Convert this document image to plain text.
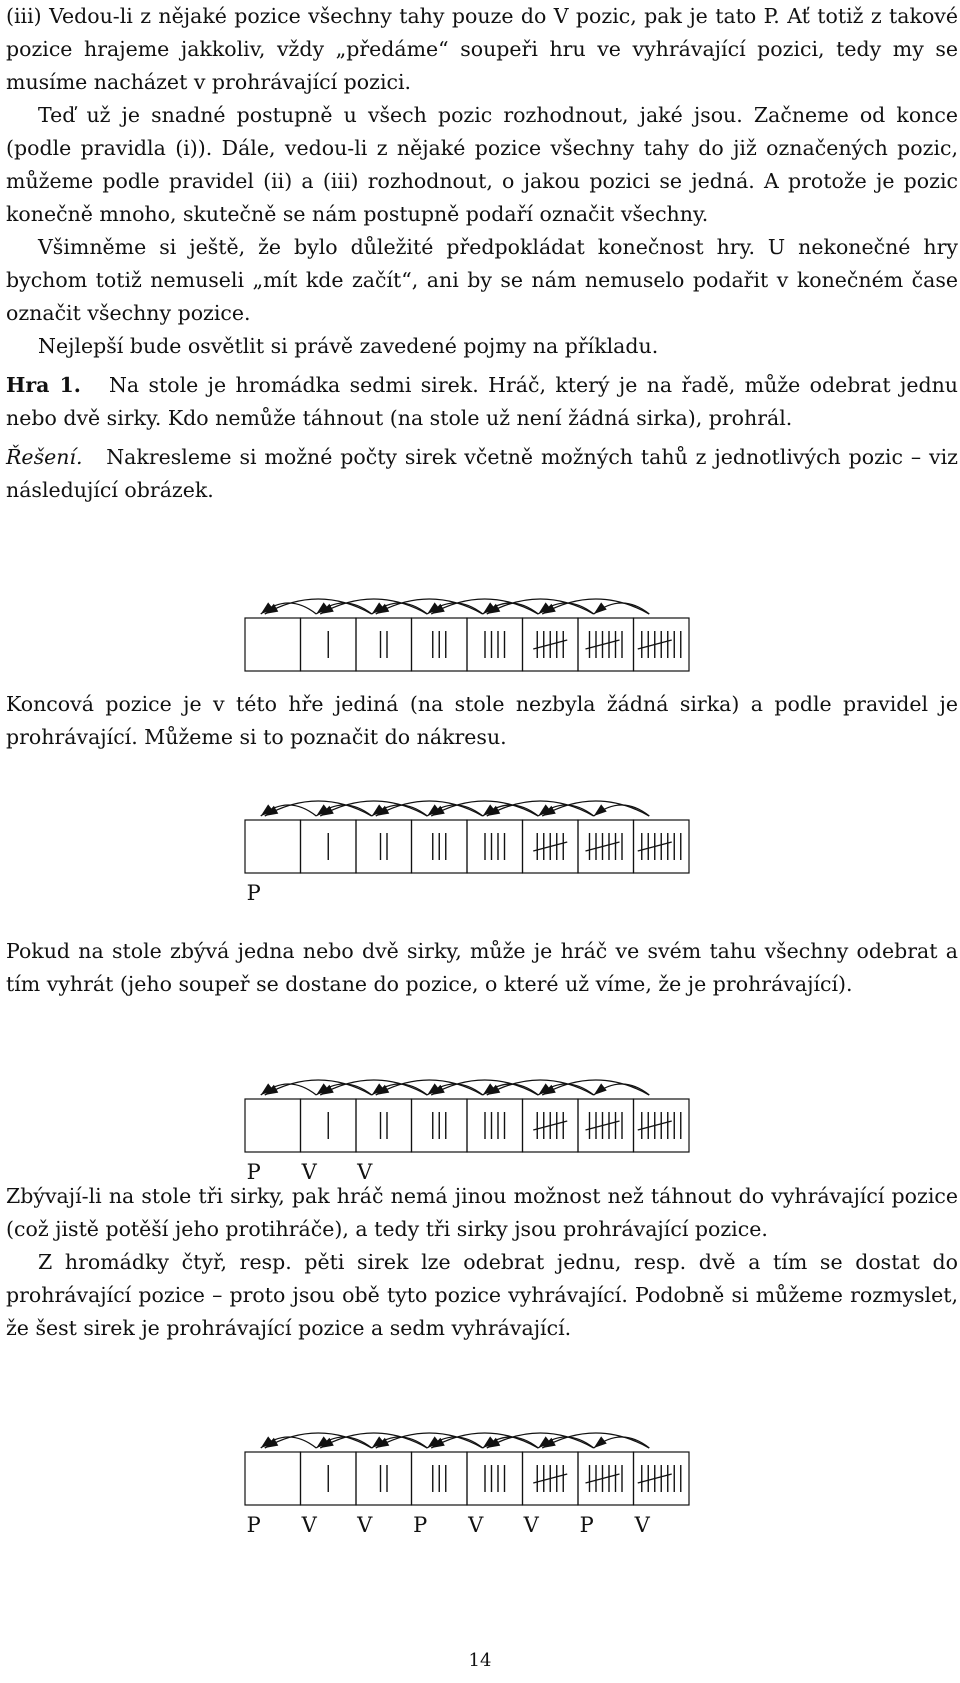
(iii) Vedou-li z nějaké pozice všechny tahy pouze do V pozic, pak je tato P. Ať totiž z takové pozice hrajeme jakkoliv, vždy „předáme“ soupeři hru ve vyhrávající pozici, tedy my se musíme nacházet v prohrávající pozici.

Teď už je snadné postupně u všech pozic rozhodnout, jaké jsou. Začneme od konce (podle pravidla (i)). Dále, vedou-li z nějaké pozice všechny tahy do již označených pozic, můžeme podle pravidel (ii) a (iii) rozhodnout, o jakou pozici se jedná. A protože je pozic konečně mnoho, skutečně se nám postupně podaří označit všechny.

Všimněme si ještě, že bylo důležité předpokládat konečnost hry. U nekonečné hry bychom totiž nemuseli „mít kde začít“, ani by se nám nemuselo podařit v konečném čase označit všechny pozice.

Nejlepší bude osvětlit si právě zavedené pojmy na příkladu.

Hra 1. Na stole je hromádka sedmi sirek. Hráč, který je na řadě, může odebrat jednu nebo dvě sirky. Kdo nemůže táhnout (na stole už není žádná sirka), prohrál.

Řešení. Nakresleme si možné počty sirek včetně možných tahů z jednotlivých pozic – viz následující obrázek.

Koncová pozice je v této hře jediná (na stole nezbyla žádná sirka) a podle pravidel je prohrávající. Můžeme si to poznačit do nákresu.

P

Pokud na stole zbývá jedna nebo dvě sirky, může je hráč ve svém tahu všechny odebrat a tím vyhrát (jeho soupeř se dostane do pozice, o které už víme, že je prohrávající).

P V V

Zbývají-li na stole tři sirky, pak hráč nemá jinou možnost než táhnout do vyhrávající pozice (což jistě potěší jeho protihráče), a tedy tři sirky jsou prohrávající pozice.

Z hromádky čtyř, resp. pěti sirek lze odebrat jednu, resp. dvě a tím se dostat do prohrávající pozice – proto jsou obě tyto pozice vyhrávající. Podobně si můžeme rozmyslet, že šest sirek je prohrávající pozice a sedm vyhrávající.

P V V P V V P V
14
